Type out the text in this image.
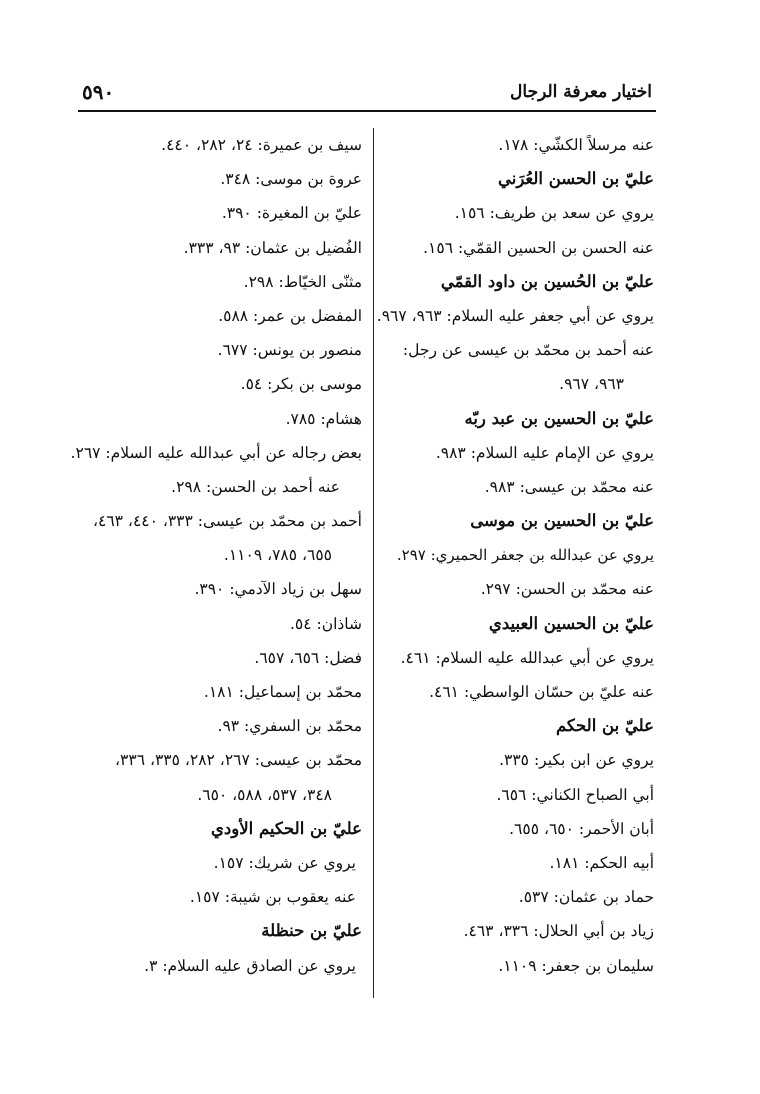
٥٩٠	اختيار معرفة الرجال
عنه مرسلاً الكشّي: ١٧٨.
عليّ بن الحسن العُرَني
يروي عن سعد بن طريف: ١٥٦.
عنه الحسن بن الحسين القمّي: ١٥٦.
عليّ بن الحُسين بن داود القمّي
يروي عن أبي جعفر عليه السلام: ٩٦٣، ٩٦٧.
عنه أحمد بن محمّد بن عيسى عن رجل:
٩٦٣، ٩٦٧.
عليّ بن الحسين بن عبد ربّه
يروي عن الإمام عليه السلام: ٩٨٣.
عنه محمّد بن عيسى: ٩٨٣.
عليّ بن الحسين بن موسى
يروي عن عبدالله بن جعفر الحميري: ٢٩٧.
عنه محمّد بن الحسن: ٢٩٧.
عليّ بن الحسين العبيدي
يروي عن أبي عبدالله عليه السلام: ٤٦١.
عنه عليّ بن حسّان الواسطي: ٤٦١.
عليّ بن الحكم
يروي عن ابن بكير: ٣٣٥.
أبي الصباح الكناني: ٦٥٦.
أبان الأحمر: ٦٥٠، ٦٥٥.
أبيه الحكم: ١٨١.
حماد بن عثمان: ٥٣٧.
زياد بن أبي الحلال: ٣٣٦، ٤٦٣.
سليمان بن جعفر: ١١٠٩.
سيف بن عميرة: ٢٤، ٢٨٢، ٤٤٠.
عروة بن موسى: ٣٤٨.
عليّ بن المغيرة: ٣٩٠.
الفُضيل بن عثمان: ٩٣، ٣٣٣.
مثنّى الخيّاط: ٢٩٨.
المفضل بن عمر: ٥٨٨.
منصور بن يونس: ٦٧٧.
موسى بن بكر: ٥٤.
هشام: ٧٨٥.
بعض رجاله عن أبي عبدالله عليه السلام: ٢٦٧.
عنه أحمد بن الحسن: ٢٩٨.
أحمد بن محمّد بن عيسى: ٣٣٣، ٤٤٠، ٤٦٣،
٦٥٥، ٧٨٥، ١١٠٩.
سهل بن زياد الآدمي: ٣٩٠.
شاذان: ٥٤.
فضل: ٦٥٦، ٦٥٧.
محمّد بن إسماعيل: ١٨١.
محمّد بن السفري: ٩٣.
محمّد بن عيسى: ٢٦٧، ٢٨٢، ٣٣٥، ٣٣٦،
٣٤٨، ٥٣٧، ٥٨٨، ٦٥٠.
عليّ بن الحكيم الأودي
يروي عن شريك: ١٥٧.
عنه يعقوب بن شيبة: ١٥٧.
عليّ بن حنظلة
يروي عن الصادق عليه السلام: ٣.
